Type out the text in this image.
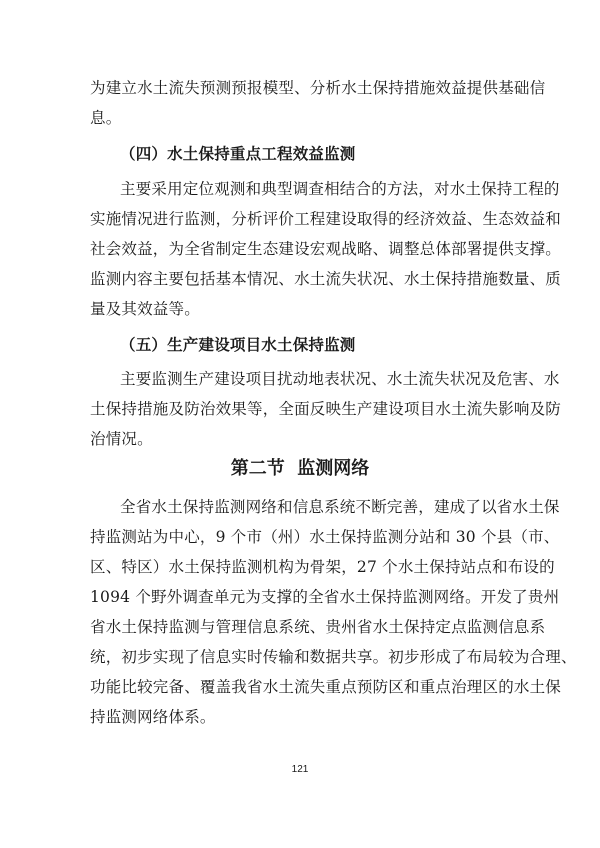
为建立水土流失预测预报模型、分析水土保持措施效益提供基础信
息。
（四）水土保持重点工程效益监测
主要采用定位观测和典型调查相结合的方法，对水土保持工程的
实施情况进行监测，分析评价工程建设取得的经济效益、生态效益和
社会效益，为全省制定生态建设宏观战略、调整总体部署提供支撑。
监测内容主要包括基本情况、水土流失状况、水土保持措施数量、质
量及其效益等。
（五）生产建设项目水土保持监测
主要监测生产建设项目扰动地表状况、水土流失状况及危害、水
土保持措施及防治效果等，全面反映生产建设项目水土流失影响及防
治情况。
第二节  监测网络
全省水土保持监测网络和信息系统不断完善，建成了以省水土保
持监测站为中心，9 个市（州）水土保持监测分站和 30 个县（市、
区、特区）水土保持监测机构为骨架，27 个水土保持站点和布设的
1094 个野外调查单元为支撑的全省水土保持监测网络。开发了贵州
省水土保持监测与管理信息系统、贵州省水土保持定点监测信息系
统，初步实现了信息实时传输和数据共享。初步形成了布局较为合理、
功能比较完备、覆盖我省水土流失重点预防区和重点治理区的水土保
持监测网络体系。
121
